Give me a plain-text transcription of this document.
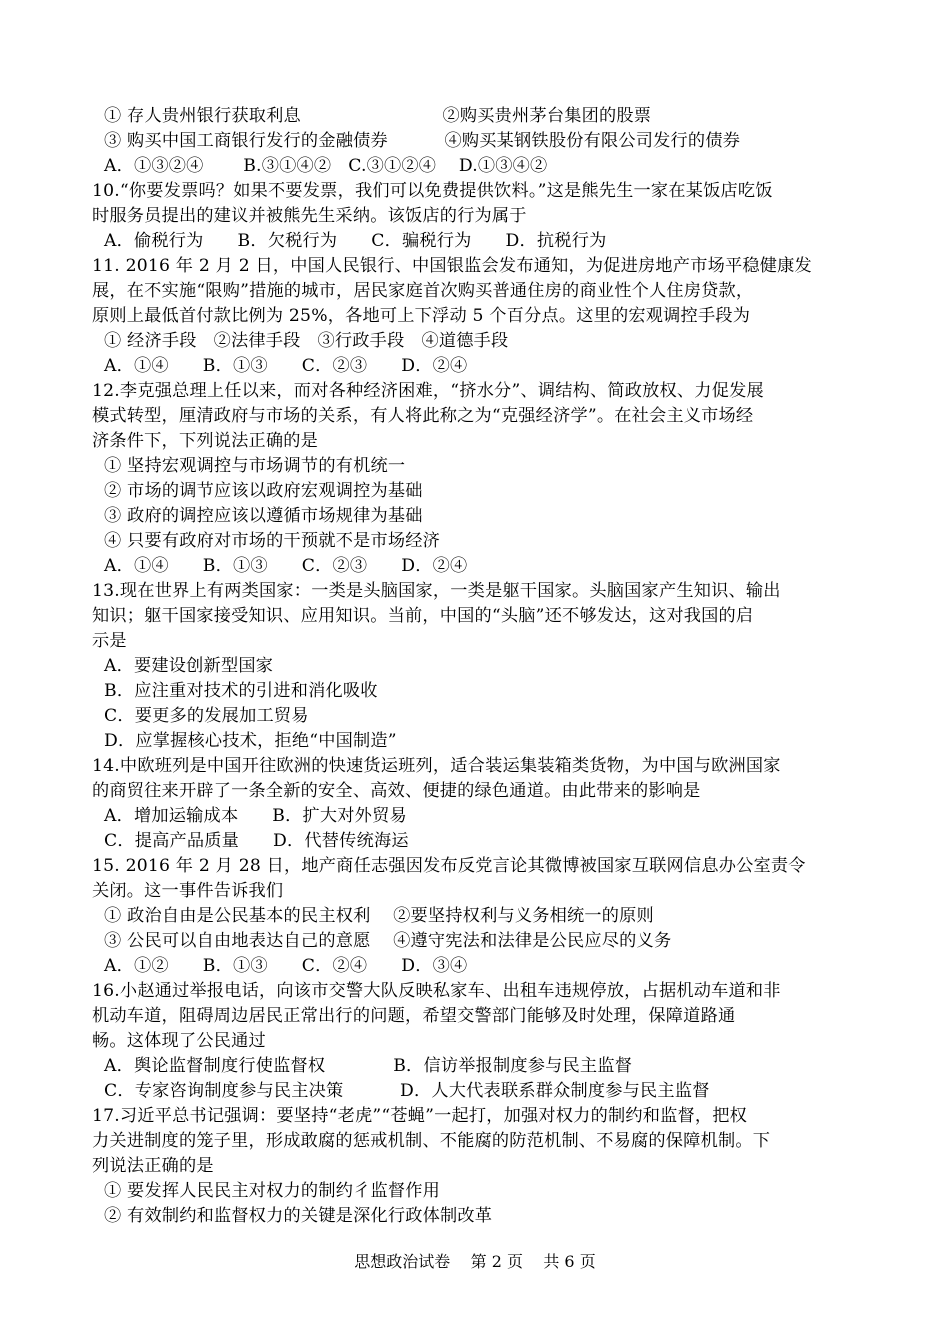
① 存人贵州银行获取利息                         ②购买贵州茅台集团的股票
③ 购买中国工商银行发行的金融债券          ④购买某钢铁股份有限公司发行的债券
A．①③②④       B.③①④②   C.③①②④    D.①③④②
10.“你要发票吗？如果不要发票，我们可以免费提供饮料。”这是熊先生一家在某饭店吃饭
时服务员提出的建议并被熊先生采纳。该饭店的行为属于
A．偷税行为      B．欠税行为      C．骗税行为      D．抗税行为
11. 2016 年 2 月 2 日，中国人民银行、中国银监会发布通知，为促进房地产市场平稳健康发
展，在不实施“限购”措施的城市，居民家庭首次购买普通住房的商业性个人住房贷款，
原则上最低首付款比例为 25%，各地可上下浮动 5 个百分点。这里的宏观调控手段为
① 经济手段   ②法律手段   ③行政手段   ④道德手段
A．①④      B．①③      C．②③      D．②④
12.李克强总理上任以来，而对各种经济困难，“挤水分”、调结构、简政放权、力促发展
模式转型，厘清政府与市场的关系，有人将此称之为“克强经济学”。在社会主义市场经
济条件下，下列说法正确的是
① 坚持宏观调控与市场调节的有机统一
② 市场的调节应该以政府宏观调控为基础
③ 政府的调控应该以遵循市场规律为基础
④ 只要有政府对市场的干预就不是市场经济
A．①④      B．①③      C．②③      D．②④
13.现在世界上有两类国家：一类是头脑国家，一类是躯干国家。头脑国家产生知识、输出
知识；躯干国家接受知识、应用知识。当前，中国的“头脑”还不够发达，这对我国的启
示是
A．要建设创新型国家
B．应注重对技术的引进和消化吸收
C．要更多的发展加工贸易
D．应掌握核心技术，拒绝“中国制造”
14.中欧班列是中国开往欧洲的快速货运班列，适合装运集装箱类货物，为中国与欧洲国家
的商贸往来开辟了一条全新的安全、高效、便捷的绿色通道。由此带来的影响是
A．增加运输成本      B．扩大对外贸易
C．提高产品质量      D．代替传统海运
15. 2016 年 2 月 28 日，地产商任志强因发布反党言论其微博被国家互联网信息办公室责令
关闭。这一事件告诉我们
① 政治自由是公民基本的民主权利    ②要坚持权利与义务相统一的原则
③ 公民可以自由地表达自己的意愿    ④遵守宪法和法律是公民应尽的义务
A．①②      B．①③      C．②④      D．③④
16.小赵通过举报电话，向该市交警大队反映私家车、出租车违规停放，占据机动车道和非
机动车道，阻碍周边居民正常出行的问题，希望交警部门能够及时处理，保障道路通
畅。这体现了公民通过
A．舆论监督制度行使监督权            B．信访举报制度参与民主监督
C．专家咨询制度参与民主决策          D．人大代表联系群众制度参与民主监督
17.习近平总书记强调：要坚持“老虎”“苍蝇”一起打，加强对权力的制约和监督，把权
力关进制度的笼子里，形成敢腐的惩戒机制、不能腐的防范机制、不易腐的保障机制。下
列说法正确的是
① 要发挥人民民主对权力的制约彳监督作用
② 有效制约和监督权力的关键是深化行政体制改革
思想政治试卷    第 2 页    共 6 页
